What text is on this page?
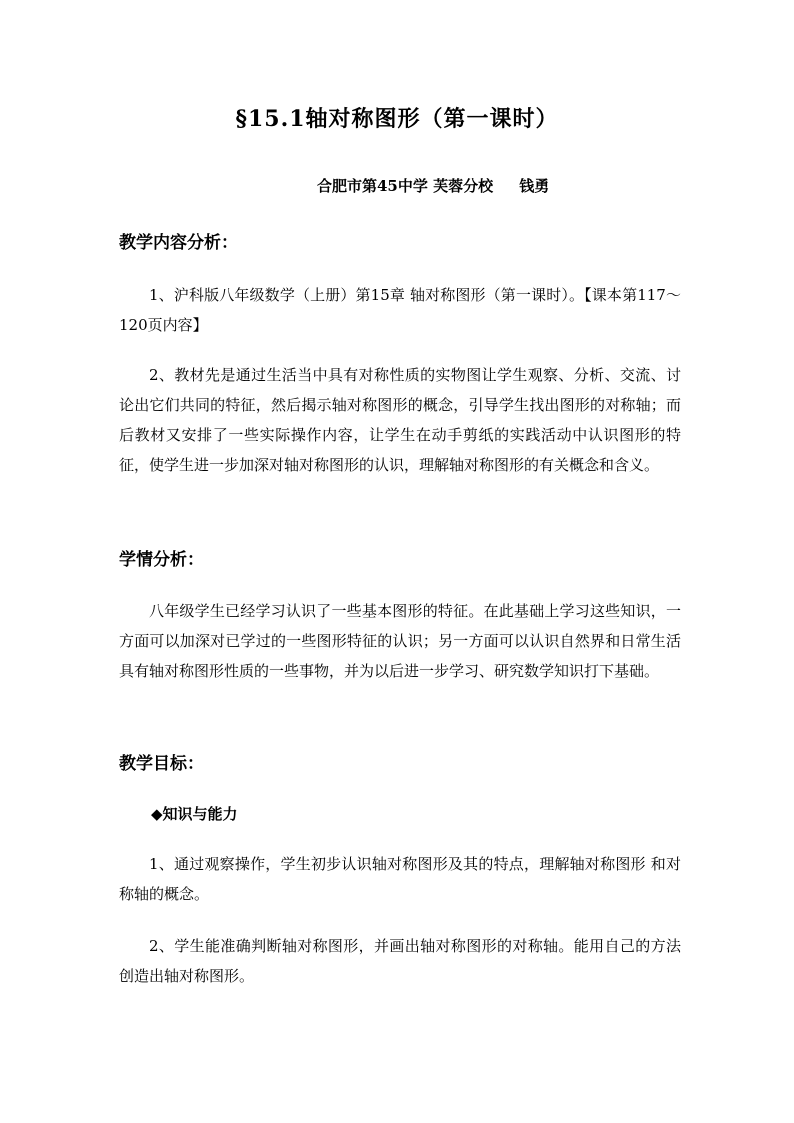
§15.1轴对称图形（第一课时）
合肥市第45中学 芙蓉分校     钱勇
教学内容分析：
1、沪科版八年级数学（上册）第15章 轴对称图形（第一课时）。【课本第117～120页内容】
2、教材先是通过生活当中具有对称性质的实物图让学生观察、分析、交流、讨论出它们共同的特征，然后揭示轴对称图形的概念，引导学生找出图形的对称轴；而后教材又安排了一些实际操作内容，让学生在动手剪纸的实践活动中认识图形的特征，使学生进一步加深对轴对称图形的认识，理解轴对称图形的有关概念和含义。
学情分析：
八年级学生已经学习认识了一些基本图形的特征。在此基础上学习这些知识，一方面可以加深对已学过的一些图形特征的认识；另一方面可以认识自然界和日常生活具有轴对称图形性质的一些事物，并为以后进一步学习、研究数学知识打下基础。
教学目标：
◆知识与能力
1、通过观察操作，学生初步认识轴对称图形及其的特点，理解轴对称图形 和对称轴的概念。
2、学生能准确判断轴对称图形，并画出轴对称图形的对称轴。能用自己的方法创造出轴对称图形。
